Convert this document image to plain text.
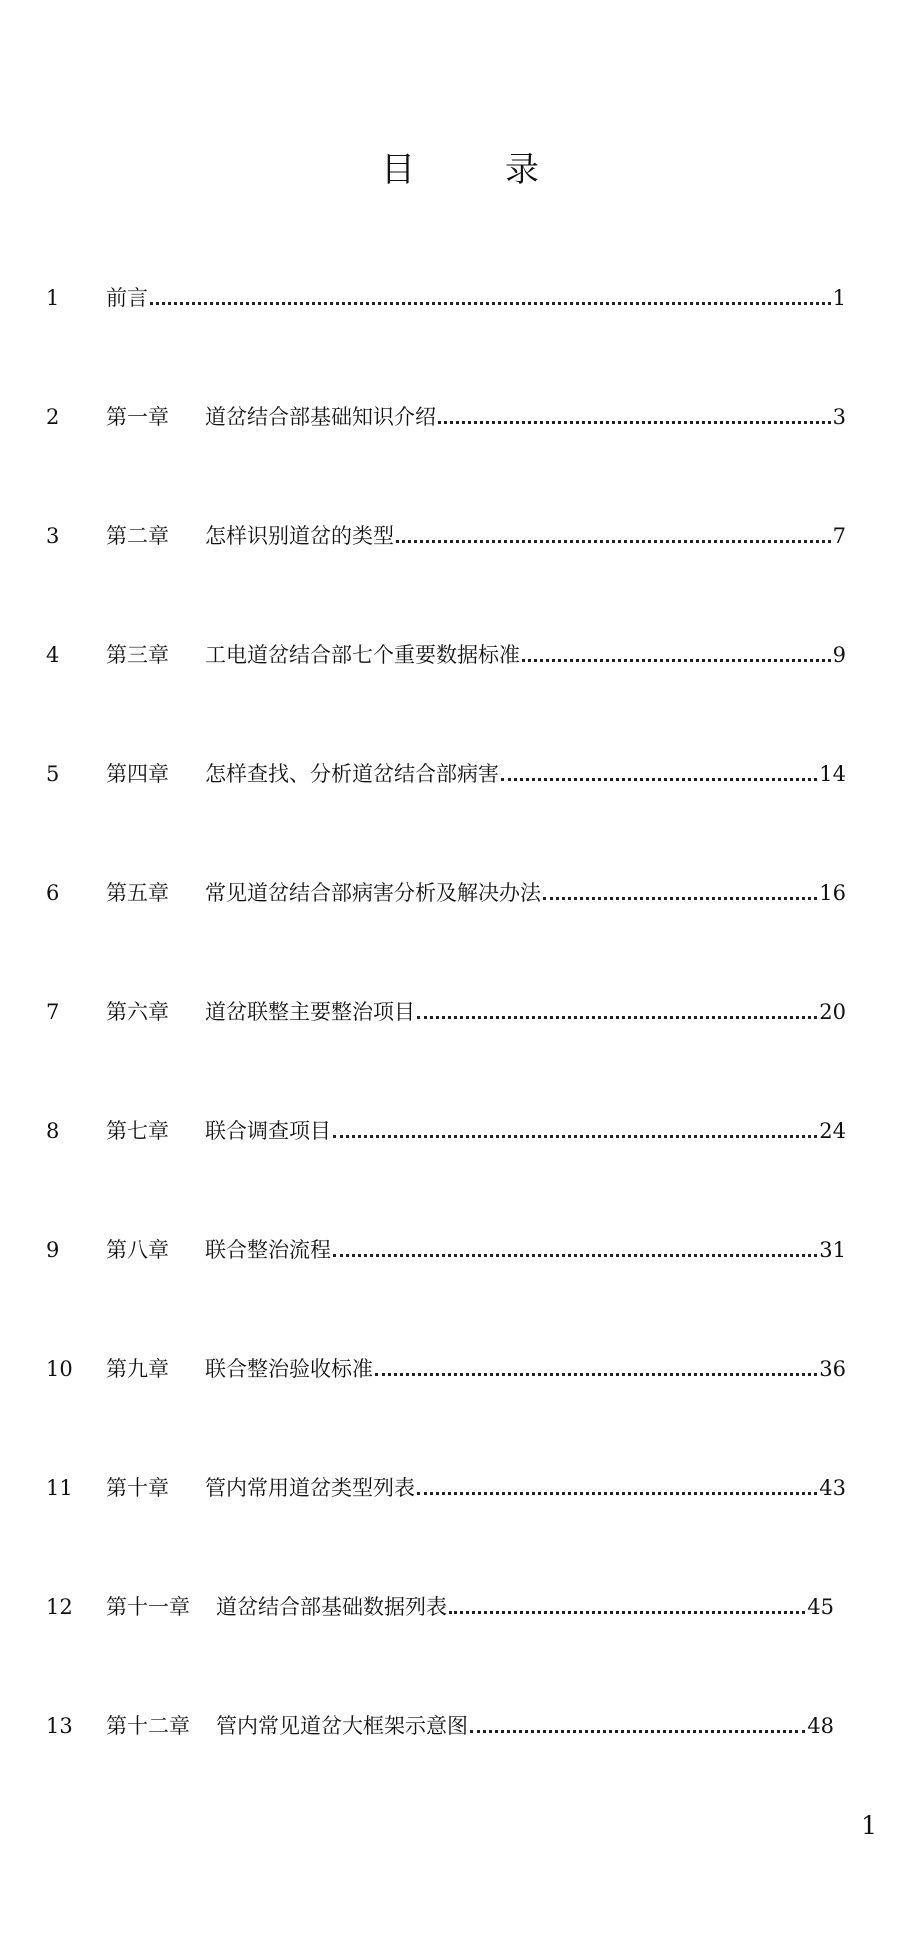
目	录
1 前言	1
2 第一章	道岔结合部基础知识介绍	3
3 第二章	怎样识别道岔的类型	7
4 第三章	工电道岔结合部七个重要数据标准	9
5 第四章	怎样查找、分析道岔结合部病害	14
6 第五章	常见道岔结合部病害分析及解决办法	16
7 第六章	道岔联整主要整治项目	20
8 第七章	联合调查项目	24
9 第八章	联合整治流程	31
10 第九章	联合整治验收标准	36
11 第十章	管内常用道岔类型列表	43
12 第十一章	道岔结合部基础数据列表	45
13 第十二章	管内常见道岔大框架示意图	48
1
